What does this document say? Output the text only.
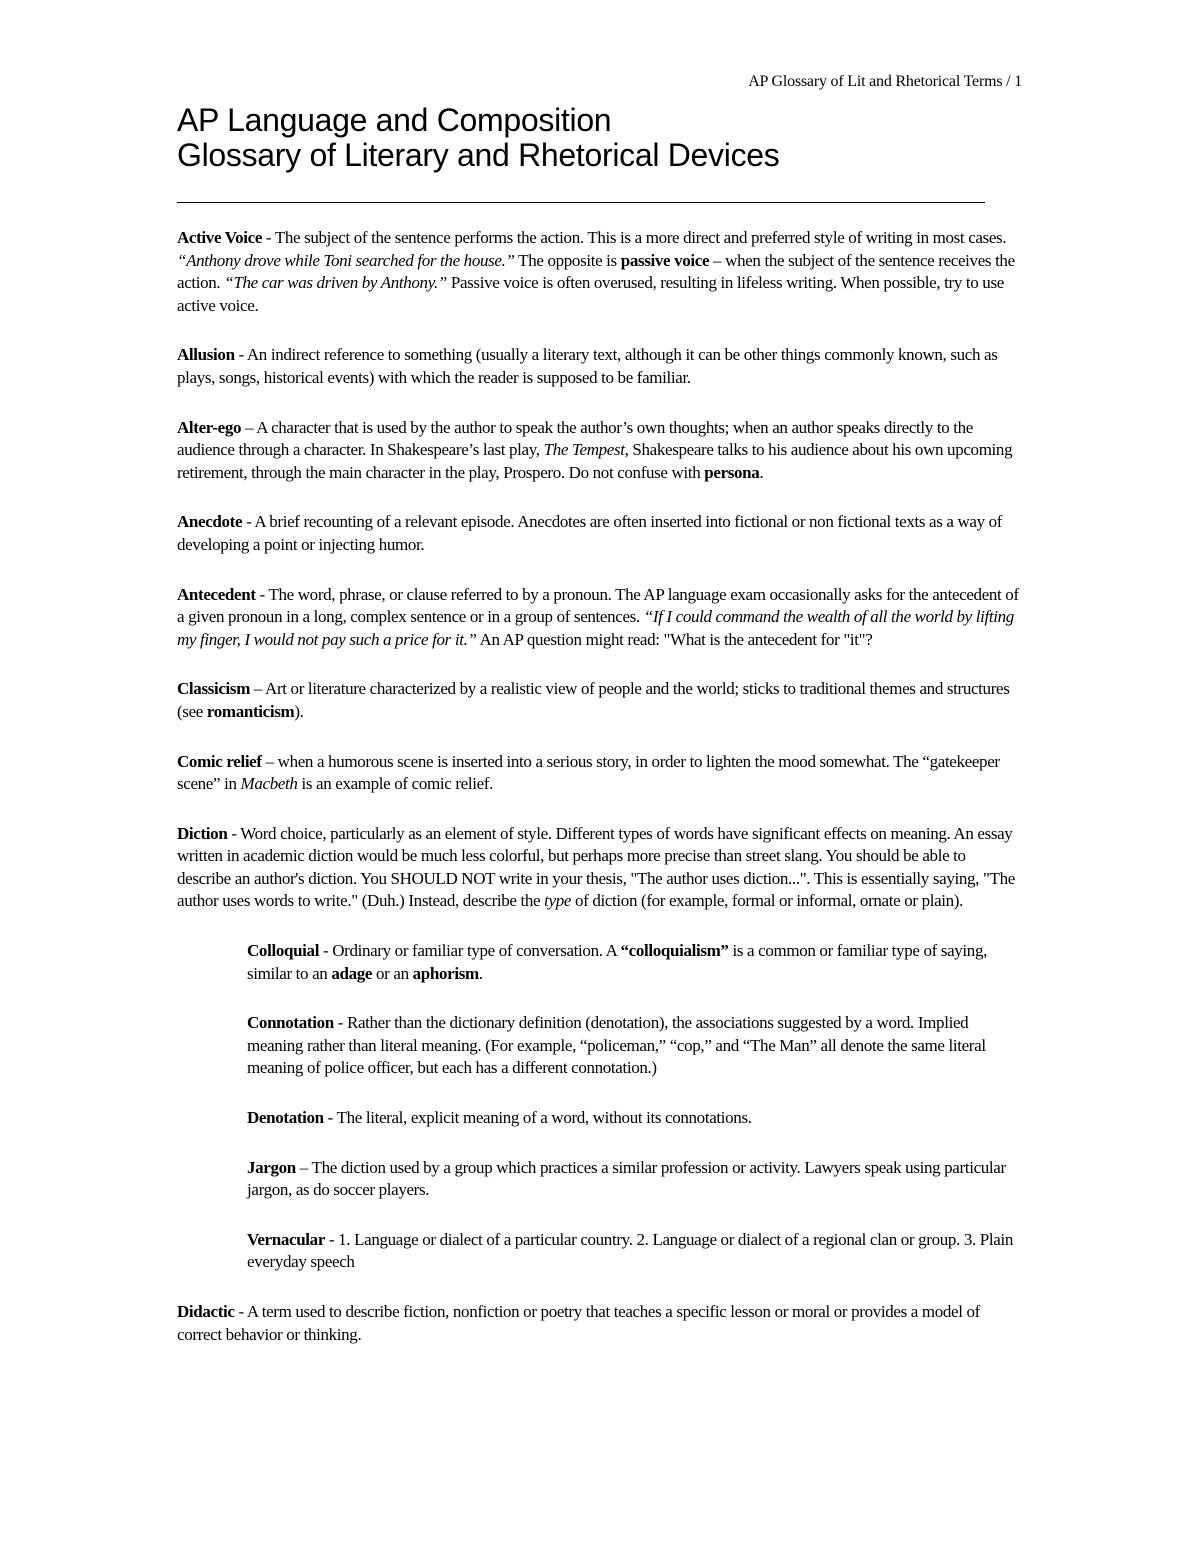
AP Glossary of Lit and Rhetorical Terms / 1
AP Language and Composition
Glossary of Literary and Rhetorical Devices

Active Voice - The subject of the sentence performs the action. This is a more direct and preferred style of writing in most cases. “Anthony drove while Toni searched for the house.” The opposite is passive voice – when the subject of the sentence receives the action. “The car was driven by Anthony.” Passive voice is often overused, resulting in lifeless writing. When possible, try to use active voice.

Allusion - An indirect reference to something (usually a literary text, although it can be other things commonly known, such as plays, songs, historical events) with which the reader is supposed to be familiar.

Alter-ego – A character that is used by the author to speak the author’s own thoughts; when an author speaks directly to the audience through a character. In Shakespeare’s last play, The Tempest, Shakespeare talks to his audience about his own upcoming retirement, through the main character in the play, Prospero. Do not confuse with persona.

Anecdote - A brief recounting of a relevant episode. Anecdotes are often inserted into fictional or non fictional texts as a way of developing a point or injecting humor.

Antecedent - The word, phrase, or clause referred to by a pronoun. The AP language exam occasionally asks for the antecedent of a given pronoun in a long, complex sentence or in a group of sentences. “If I could command the wealth of all the world by lifting my finger, I would not pay such a price for it.” An AP question might read: "What is the antecedent for "it"?

Classicism – Art or literature characterized by a realistic view of people and the world; sticks to traditional themes and structures (see romanticism).

Comic relief – when a humorous scene is inserted into a serious story, in order to lighten the mood somewhat. The “gatekeeper scene” in Macbeth is an example of comic relief.

Diction - Word choice, particularly as an element of style. Different types of words have significant effects on meaning. An essay written in academic diction would be much less colorful, but perhaps more precise than street slang. You should be able to describe an author's diction. You SHOULD NOT write in your thesis, "The author uses diction...". This is essentially saying, "The author uses words to write." (Duh.) Instead, describe the type of diction (for example, formal or informal, ornate or plain).

Colloquial - Ordinary or familiar type of conversation. A “colloquialism” is a common or familiar type of saying, similar to an adage or an aphorism.

Connotation - Rather than the dictionary definition (denotation), the associations suggested by a word. Implied meaning rather than literal meaning. (For example, “policeman,” “cop,” and “The Man” all denote the same literal meaning of police officer, but each has a different connotation.)

Denotation - The literal, explicit meaning of a word, without its connotations.

Jargon – The diction used by a group which practices a similar profession or activity. Lawyers speak using particular jargon, as do soccer players.

Vernacular - 1. Language or dialect of a particular country. 2. Language or dialect of a regional clan or group. 3. Plain everyday speech

Didactic - A term used to describe fiction, nonfiction or poetry that teaches a specific lesson or moral or provides a model of correct behavior or thinking.
